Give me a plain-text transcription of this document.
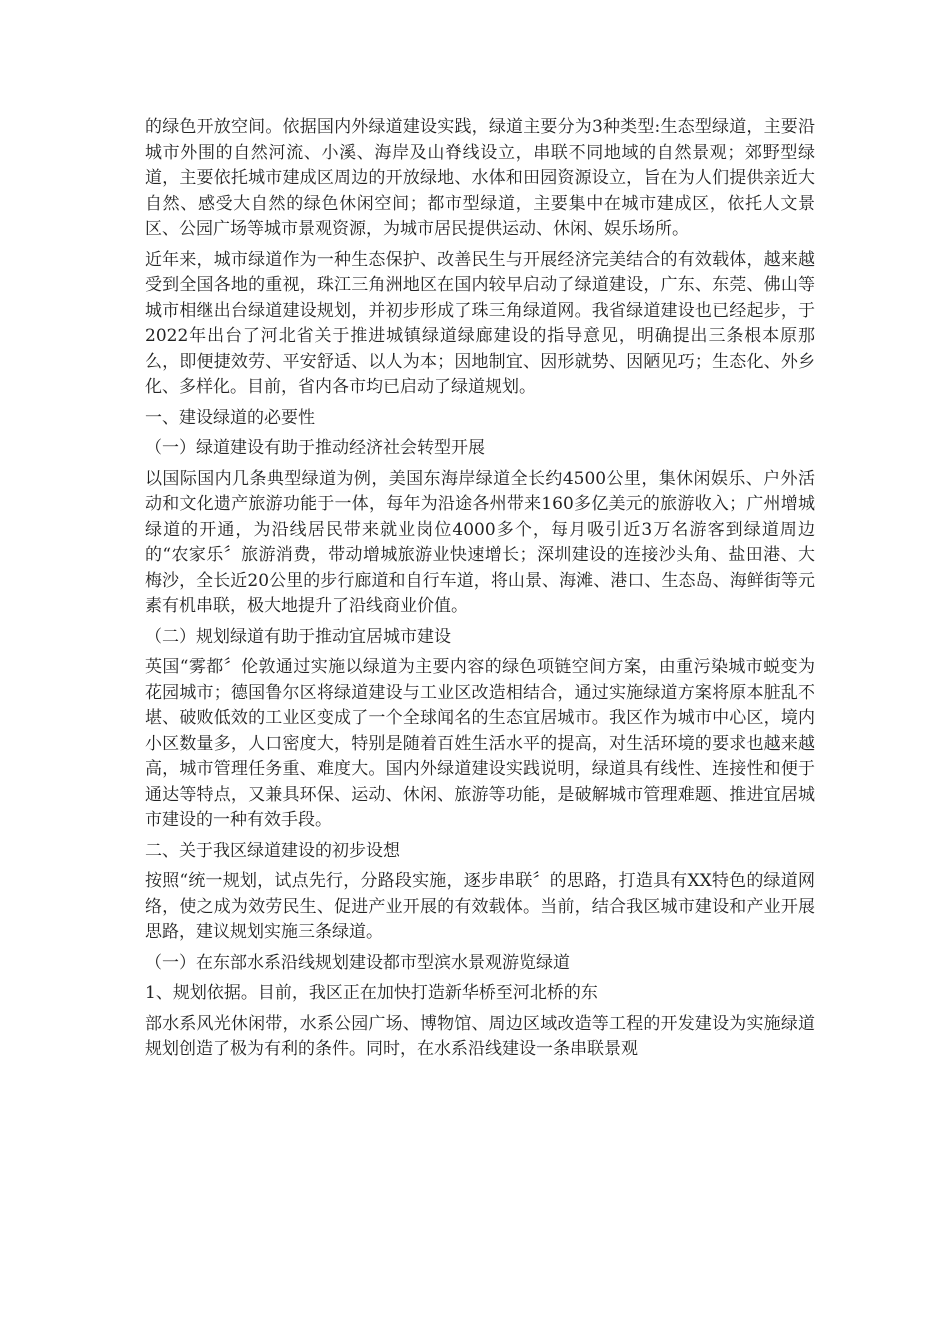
的绿色开放空间。依据国内外绿道建设实践，绿道主要分为3种类型:生态型绿道，主要沿城市外围的自然河流、小溪、海岸及山脊线设立，串联不同地域的自然景观；郊野型绿道，主要依托城市建成区周边的开放绿地、水体和田园资源设立，旨在为人们提供亲近大自然、感受大自然的绿色休闲空间；都市型绿道，主要集中在城市建成区，依托人文景区、公园广场等城市景观资源，为城市居民提供运动、休闲、娱乐场所。

近年来，城市绿道作为一种生态保护、改善民生与开展经济完美结合的有效载体，越来越受到全国各地的重视，珠江三角洲地区在国内较早启动了绿道建设，广东、东莞、佛山等城市相继出台绿道建设规划，并初步形成了珠三角绿道网。我省绿道建设也已经起步，于2022年出台了河北省关于推进城镇绿道绿廊建设的指导意见，明确提出三条根本原那么，即便捷效劳、平安舒适、以人为本；因地制宜、因形就势、因陋见巧；生态化、外乡化、多样化。目前，省内各市均已启动了绿道规划。

一、建设绿道的必要性

（一）绿道建设有助于推动经济社会转型开展

以国际国内几条典型绿道为例，美国东海岸绿道全长约4500公里，集休闲娱乐、户外活动和文化遗产旅游功能于一体，每年为沿途各州带来160多亿美元的旅游收入；广州增城绿道的开通，为沿线居民带来就业岗位4000多个，每月吸引近3万名游客到绿道周边的“农家乐〞旅游消费，带动增城旅游业快速增长；深圳建设的连接沙头角、盐田港、大梅沙，全长近20公里的步行廊道和自行车道，将山景、海滩、港口、生态岛、海鲜街等元素有机串联，极大地提升了沿线商业价值。

（二）规划绿道有助于推动宜居城市建设

英国“雾都〞伦敦通过实施以绿道为主要内容的绿色项链空间方案，由重污染城市蜕变为花园城市；德国鲁尔区将绿道建设与工业区改造相结合，通过实施绿道方案将原本脏乱不堪、破败低效的工业区变成了一个全球闻名的生态宜居城市。我区作为城市中心区，境内小区数量多，人口密度大，特别是随着百姓生活水平的提高，对生活环境的要求也越来越高，城市管理任务重、难度大。国内外绿道建设实践说明，绿道具有线性、连接性和便于通达等特点，又兼具环保、运动、休闲、旅游等功能，是破解城市管理难题、推进宜居城市建设的一种有效手段。

二、关于我区绿道建设的初步设想

按照“统一规划，试点先行，分路段实施，逐步串联〞的思路，打造具有XX特色的绿道网络，使之成为效劳民生、促进产业开展的有效载体。当前，结合我区城市建设和产业开展思路，建议规划实施三条绿道。

（一）在东部水系沿线规划建设都市型滨水景观游览绿道

1、规划依据。目前，我区正在加快打造新华桥至河北桥的东

部水系风光休闲带，水系公园广场、博物馆、周边区域改造等工程的开发建设为实施绿道规划创造了极为有利的条件。同时，在水系沿线建设一条串联景观
